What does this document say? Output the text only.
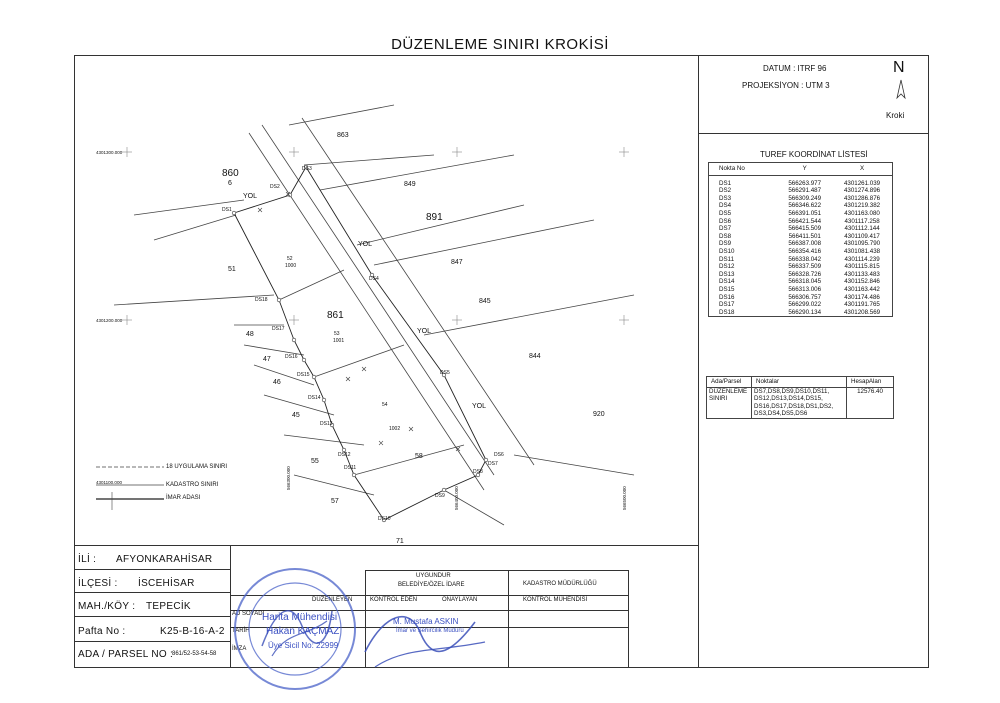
DÜZENLEME SINIRI KROKİSİ
DATUM : ITRF 96
PROJEKSİYON : UTM 3
N
Kroki
TUREF KOORDİNAT LİSTESİ
Nokta No	Y	X

DS1	566263.977	4301261.039
DS2	566291.487	4301274.896
DS3	566309.249	4301286.876
DS4	566346.622	4301219.382
DS5	566391.051	4301163.080
DS6	566421.544	4301117.258
DS7	566415.509	4301112.144
DS8	566411.501	4301109.417
DS9	566387.008	4301095.790
DS10	566354.416	4301081.438
DS11	566338.042	4301114.239
DS12	566337.509	4301115.815
DS13	566328.726	4301133.483
DS14	566318.045	4301152.846
DS15	566313.006	4301163.442
DS16	566306.757	4301174.486
DS17	566299.022	4301191.765
DS18	566290.134	4301208.569
Ada/Parsel	Noktalar	HesapAlan
DÜZENLEME SINIRI	DS7,DS8,DS9,DS10,DS11, DS12,DS13,DS14,DS15, DS16,DS17,DS18,DS1,DS2, DS3,DS4,DS5,DS6	12576.40
860
6
863
849
891
847
845
844
920
861
51
48
47
46
45
55
57
58
71
YOL
YOL
YOL
YOL
52
1000
53
1001
54
1002
DS1
DS2
DS3
DS4
DS5
DS6
DS7
DS8
DS9
DS10
DS11
DS12
DS13
DS14
DS15
DS16
DS17
DS18
4301300.000
4301200.000
4301100.000	566300.000
566400.000	566500.000
18 UYGULAMA SINIRI
KADASTRO SINIRI
İMAR ADASI
İLİ : AFYONKARAHİSAR
İLÇESİ : İSCEHİSAR
MAH./KÖY : TEPECİK
Pafta No :	K25-B-16-A-2
ADA / PARSEL NO :
861/52-53-54-58
AD SOYADI
TARİH
İMZA
DÜZENLEYEN
UYGUNDUR
BELEDİYE/ÖZEL İDARE
KONTROL EDEN	ONAYLAYAN
KADASTRO MÜDÜRLÜĞÜ
KONTROL MÜHENDİSİ
Harita Mühendisi
Hakan KAÇMAZ
Üye Sicil No: 22999
M. Mustafa ASKIN
İmar ve Şehircilik Müdürü
